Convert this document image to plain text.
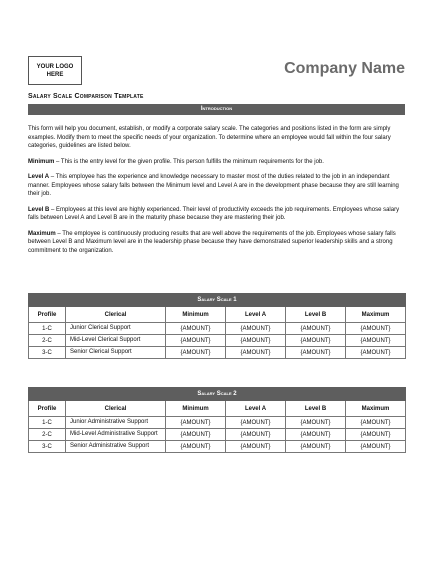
YOUR LOGO HERE	Company Name
Salary Scale Comparison Template
Introduction

This form will help you document, establish, or modify a corporate salary scale. The categories and positions listed in the form are simply examples. Modify them to meet the specific needs of your organization. To determine where an employee would fall within the four salary categories, guidelines are listed below.

Minimum – This is the entry level for the given profile. This person fulfills the minimum requirements for the job.

Level A – This employee has the experience and knowledge necessary to master most of the duties related to the job in an independant manner. Employees whose salary falls between the Minimum level and Level A are in the development phase because they are still learning their job.

Level B – Employees at this level are highly experienced. Their level of productivity exceeds the job requirements. Employees whose salary falls between Level A and Level B are in the maturity phase because they are mastering their job.

Maximum – The employee is continuously producing results that are well above the requirements of the job. Employees whose salary falls between Level B and Maximum level are in the leadership phase because they have demonstrated superior leadership skills and a strong commitment to the organization.

Salary Scale 1					
Profile	Clerical	Minimum	Level A	Level B	Maximum
1-C	Junior Clerical Support	{AMOUNT}	{AMOUNT}	{AMOUNT}	{AMOUNT}
2-C	Mid-Level Clerical Support	{AMOUNT}	{AMOUNT}	{AMOUNT}	{AMOUNT}
3-C	Senior Clerical Support	{AMOUNT}	{AMOUNT}	{AMOUNT}	{AMOUNT}
Salary Scale 2					
Profile	Clerical	Minimum	Level A	Level B	Maximum
1-C	Junior Administrative Support	{AMOUNT}	{AMOUNT}	{AMOUNT}	{AMOUNT}
2-C	Mid-Level Administrative Support	{AMOUNT}	{AMOUNT}	{AMOUNT}	{AMOUNT}
3-C	Senior Administrative Support	{AMOUNT}	{AMOUNT}	{AMOUNT}	{AMOUNT}
